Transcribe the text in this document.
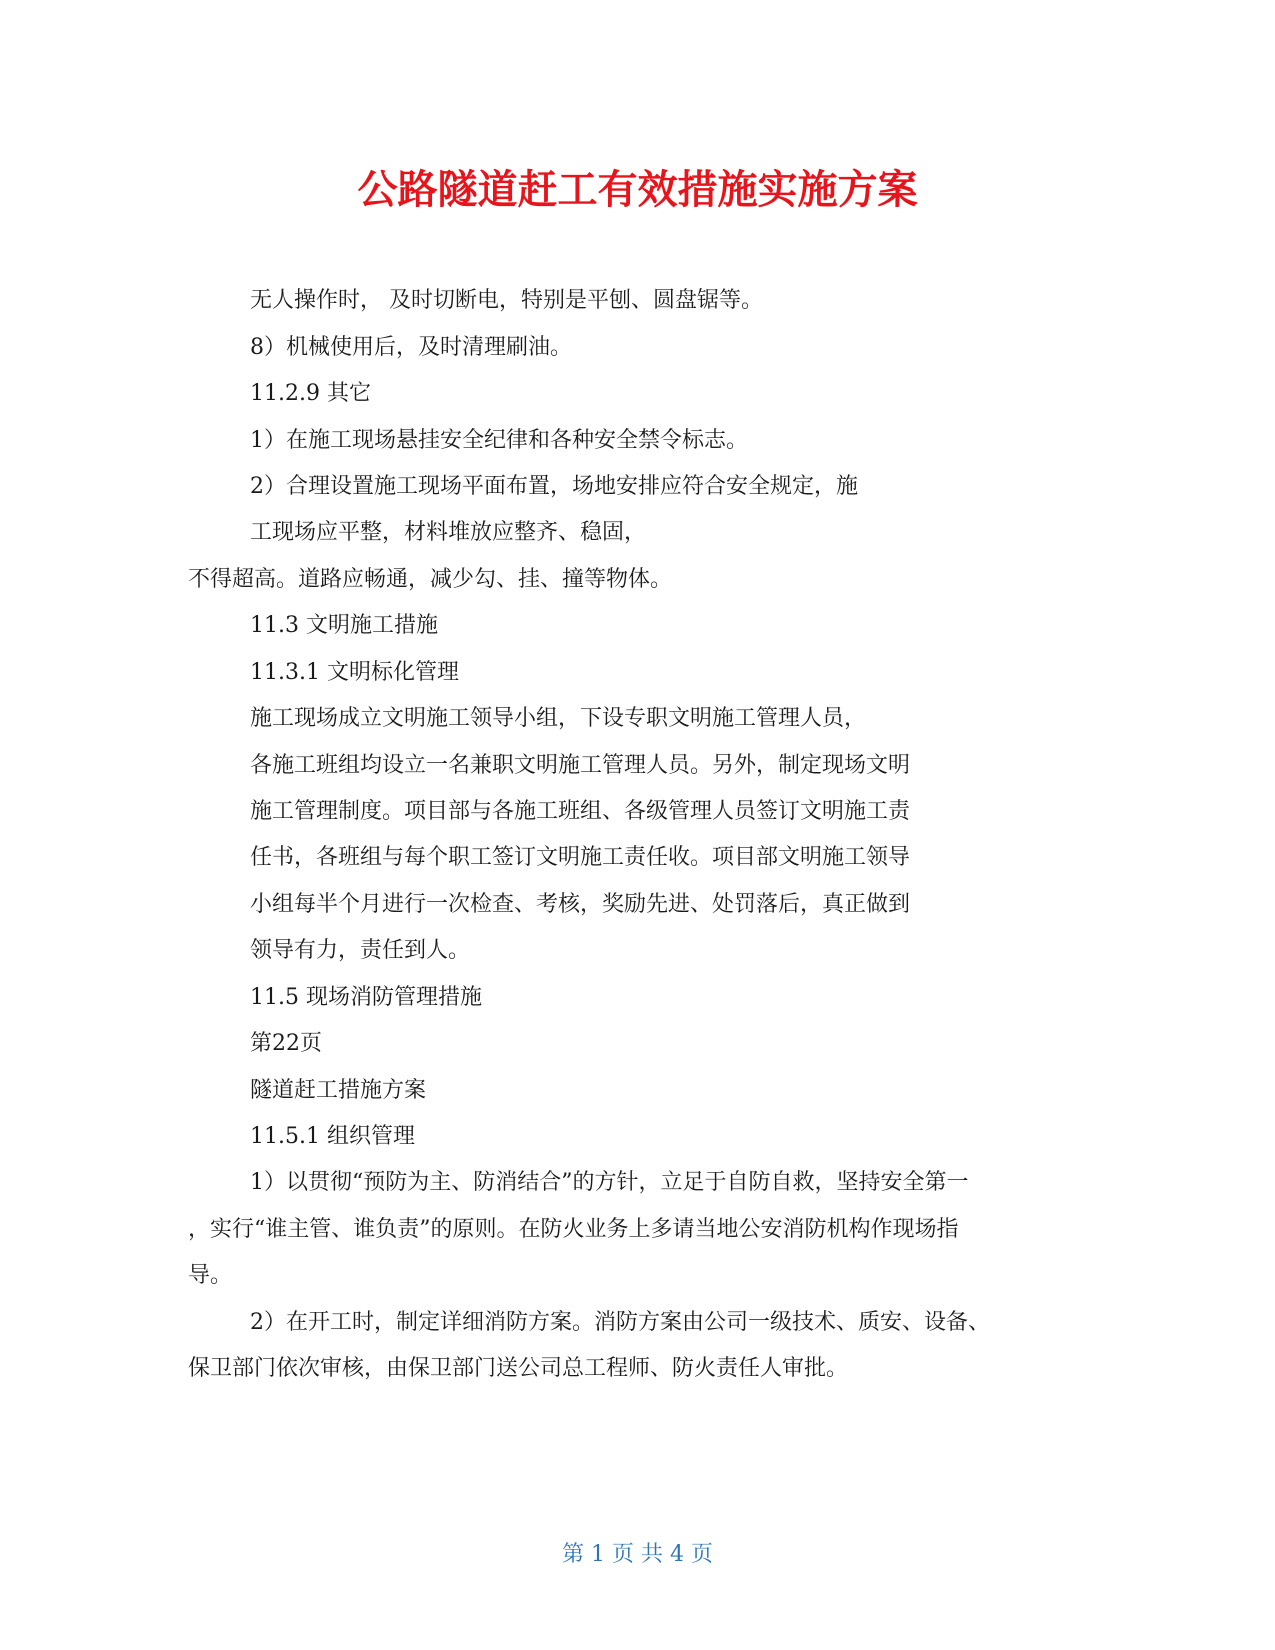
公路隧道赶工有效措施实施方案

无人操作时， 及时切断电，特别是平刨、圆盘锯等。

8）机械使用后，及时清理刷油。

11.2.9 其它

1）在施工现场悬挂安全纪律和各种安全禁令标志。

2）合理设置施工现场平面布置，场地安排应符合安全规定，施

工现场应平整，材料堆放应整齐、稳固，

不得超高。道路应畅通，减少勾、挂、撞等物体。

11.3 文明施工措施

11.3.1 文明标化管理

施工现场成立文明施工领导小组，下设专职文明施工管理人员，

各施工班组均设立一名兼职文明施工管理人员。另外，制定现场文明

施工管理制度。项目部与各施工班组、各级管理人员签订文明施工责

任书，各班组与每个职工签订文明施工责任收。项目部文明施工领导

小组每半个月进行一次检查、考核，奖励先进、处罚落后，真正做到

领导有力，责任到人。

11.5 现场消防管理措施

第22页

隧道赶工措施方案

11.5.1 组织管理

1）以贯彻“预防为主、防消结合”的方针，立足于自防自救，坚持安全第一

，实行“谁主管、谁负责”的原则。在防火业务上多请当地公安消防机构作现场指

导。

2）在开工时，制定详细消防方案。消防方案由公司一级技术、质安、设备、

保卫部门依次审核，由保卫部门送公司总工程师、防火责任人审批。

第 1 页 共 4 页
